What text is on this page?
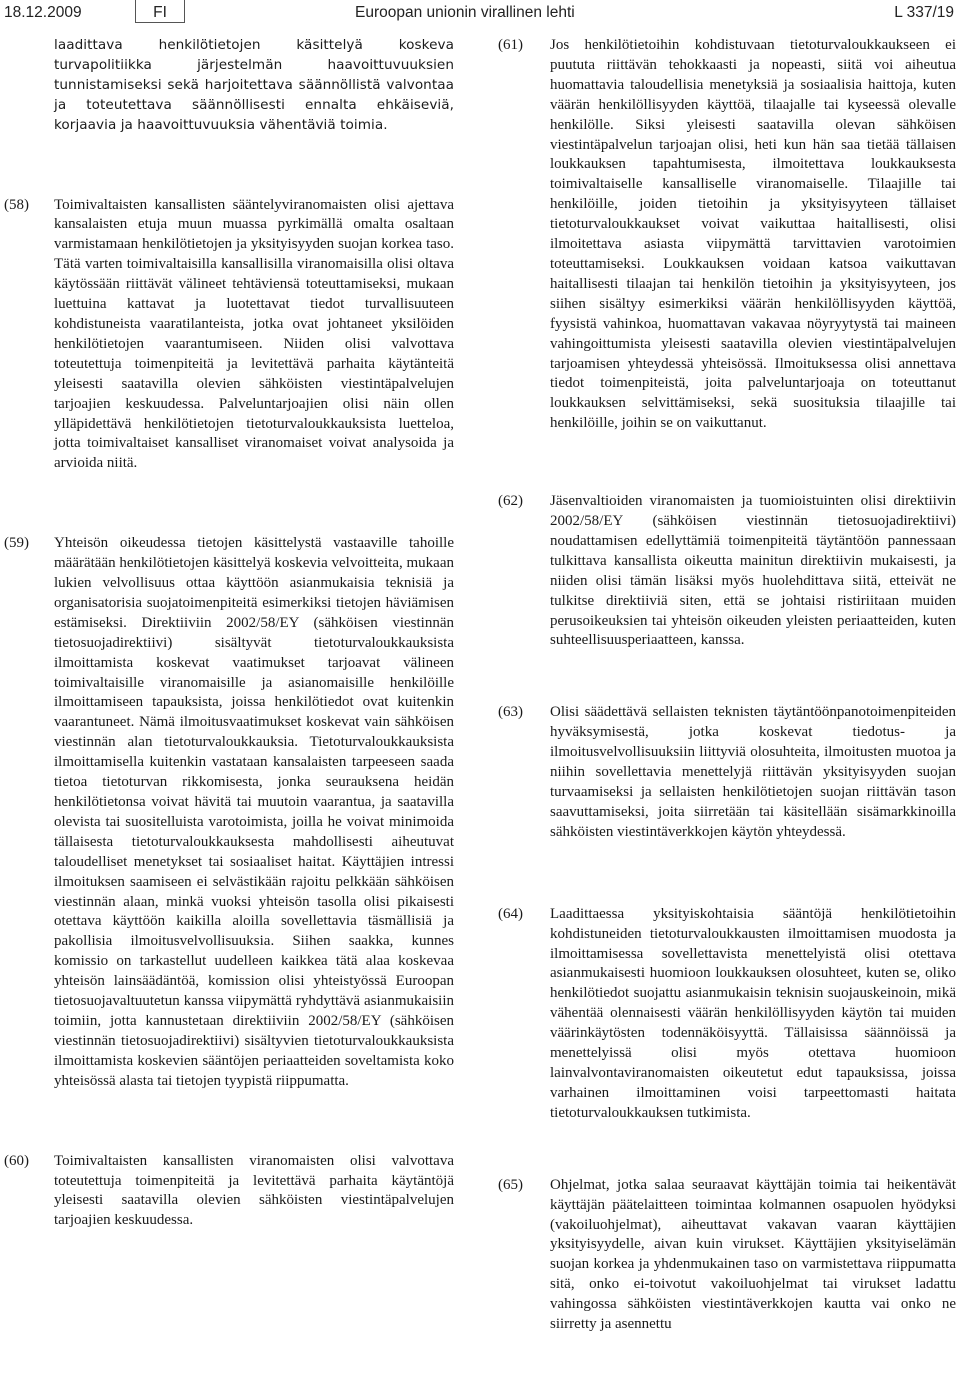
18.12.2009	FI	Euroopan unionin virallinen lehti	L 337/19
laadittava henkilötietojen käsittelyä koskeva turvapolitiikka järjestelmän haavoittuvuuksien tunnistamiseksi sekä harjoitettava säännöllistä valvontaa ja toteutettava säännöllisesti ennalta ehkäiseviä, korjaavia ja haavoittuvuuksia vähentäviä toimia.
(58)	Toimivaltaisten kansallisten sääntelyviranomaisten olisi ajettava kansalaisten etuja muun muassa pyrkimällä omalta osaltaan varmistamaan henkilötietojen ja yksityisyyden suojan korkea taso. Tätä varten toimivaltaisilla kansallisilla viranomaisilla olisi oltava käytössään riittävät välineet tehtäviensä toteuttamiseksi, mukaan luettuina kattavat ja luotettavat tiedot turvallisuuteen kohdistuneista vaaratilanteista, jotka ovat johtaneet yksilöiden henkilötietojen vaarantumiseen. Niiden olisi valvottava toteutettuja toimenpiteitä ja levitettävä parhaita käytänteitä yleisesti saatavilla olevien sähköisten viestintäpalvelujen tarjoajien keskuudessa. Palveluntarjoajien olisi näin ollen ylläpidettävä henkilötietojen tietoturvaloukkauksista luetteloa, jotta toimivaltaiset kansalliset viranomaiset voivat analysoida ja arvioida niitä.
(59)	Yhteisön oikeudessa tietojen käsittelystä vastaaville tahoille määrätään henkilötietojen käsittelyä koskevia velvoitteita, mukaan lukien velvollisuus ottaa käyttöön asianmukaisia teknisiä ja organisatorisia suojatoimenpiteitä esimerkiksi tietojen häviämisen estämiseksi. Direktiiviin 2002/58/EY (sähköisen viestinnän tietosuojadirektiivi) sisältyvät tietoturvaloukkauksista ilmoittamista koskevat vaatimukset tarjoavat välineen toimivaltaisille viranomaisille ja asianomaisille henkilöille ilmoittamiseen tapauksista, joissa henkilötiedot ovat kuitenkin vaarantuneet. Nämä ilmoitusvaatimukset koskevat vain sähköisen viestinnän alan tietoturvaloukkauksia. Tietoturvaloukkauksista ilmoittamisella kuitenkin vastataan kansalaisten tarpeeseen saada tietoa tietoturvan rikkomisesta, jonka seurauksena heidän henkilötietonsa voivat hävitä tai muutoin vaarantua, ja saatavilla olevista tai suositelluista varotoimista, joilla he voivat minimoida tällaisesta tietoturvaloukkauksesta mahdollisesti aiheutuvat taloudelliset menetykset tai sosiaaliset haitat. Käyttäjien intressi ilmoituksen saamiseen ei selvästikään rajoitu pelkkään sähköisen viestinnän alaan, minkä vuoksi yhteisön tasolla olisi pikaisesti otettava käyttöön kaikilla aloilla sovellettavia täsmällisiä ja pakollisia ilmoitusvelvollisuuksia. Siihen saakka, kunnes komissio on tarkastellut uudelleen kaikkea tätä alaa koskevaa yhteisön lainsäädäntöä, komission olisi yhteistyössä Euroopan tietosuojavaltuutetun kanssa viipymättä ryhdyttävä asianmukaisiin toimiin, jotta kannustetaan direktiiviin 2002/58/EY (sähköisen viestinnän tietosuojadirektiivi) sisältyvien tietoturvaloukkauksista ilmoittamista koskevien sääntöjen periaatteiden soveltamista koko yhteisössä alasta tai tietojen tyypistä riippumatta.
(60)	Toimivaltaisten kansallisten viranomaisten olisi valvottava toteutettuja toimenpiteitä ja levitettävä parhaita käytäntöjä yleisesti saatavilla olevien sähköisten viestintäpalvelujen tarjoajien keskuudessa.
(61)	Jos henkilötietoihin kohdistuvaan tietoturvaloukkaukseen ei puututa riittävän tehokkaasti ja nopeasti, siitä voi aiheutua huomattavia taloudellisia menetyksiä ja sosiaalisia haittoja, kuten väärän henkilöllisyyden käyttöä, tilaajalle tai kyseessä olevalle henkilölle. Siksi yleisesti saatavilla olevan sähköisen viestintäpalvelun tarjoajan olisi, heti kun hän saa tietää tällaisen loukkauksen tapahtumisesta, ilmoitettava loukkauksesta toimivaltaiselle kansalliselle viranomaiselle. Tilaajille tai henkilöille, joiden tietoihin ja yksityisyyteen tällaiset tietoturvaloukkaukset voivat vaikuttaa haitallisesti, olisi ilmoitettava asiasta viipymättä tarvittavien varotoimien toteuttamiseksi. Loukkauksen voidaan katsoa vaikuttavan haitallisesti tilaajan tai henkilön tietoihin ja yksityisyyteen, jos siihen sisältyy esimerkiksi väärän henkilöllisyyden käyttöä, fyysistä vahinkoa, huomattavan vakavaa nöyryytystä tai maineen vahingoittumista yleisesti saatavilla olevien viestintäpalvelujen tarjoamisen yhteydessä yhteisössä. Ilmoituksessa olisi annettava tiedot toimenpiteistä, joita palveluntarjoaja on toteuttanut loukkauksen selvittämiseksi, sekä suosituksia tilaajille tai henkilöille, joihin se on vaikuttanut.
(62)	Jäsenvaltioiden viranomaisten ja tuomioistuinten olisi direktiivin 2002/58/EY (sähköisen viestinnän tietosuojadirektiivi) noudattamisen edellyttämiä toimenpiteitä täytäntöön pannessaan tulkittava kansallista oikeutta mainitun direktiivin mukaisesti, ja niiden olisi tämän lisäksi myös huolehdittava siitä, etteivät ne tulkitse direktiiviä siten, että se johtaisi ristiriitaan muiden perusoikeuksien tai yhteisön oikeuden yleisten periaatteiden, kuten suhteellisuusperiaatteen, kanssa.
(63)	Olisi säädettävä sellaisten teknisten täytäntöönpanotoimenpiteiden hyväksymisestä, jotka koskevat tiedotus- ja ilmoitusvelvollisuuksiin liittyviä olosuhteita, ilmoitusten muotoa ja niihin sovellettavia menettelyjä riittävän yksityisyyden suojan turvaamiseksi ja sellaisten henkilötietojen suojan riittävän tason saavuttamiseksi, joita siirretään tai käsitellään sisämarkkinoilla sähköisten viestintäverkkojen käytön yhteydessä.
(64)	Laadittaessa yksityiskohtaisia sääntöjä henkilötietoihin kohdistuneiden tietoturvaloukkausten ilmoittamisen muodosta ja ilmoittamisessa sovellettavista menettelyistä olisi otettava asianmukaisesti huomioon loukkauksen olosuhteet, kuten se, oliko henkilötiedot suojattu asianmukaisin teknisin suojauskeinoin, mikä vähentää olennaisesti väärän henkilöllisyyden käytön tai muiden väärinkäytösten todennäköisyyttä. Tällaisissa säännöissä ja menettelyissä olisi myös otettava huomioon lainvalvontaviranomaisten oikeutetut edut tapauksissa, joissa varhainen ilmoittaminen voisi tarpeettomasti haitata tietoturvaloukkauksen tutkimista.
(65)	Ohjelmat, jotka salaa seuraavat käyttäjän toimia tai heikentävät käyttäjän päätelaitteen toimintaa kolmannen osapuolen hyödyksi (vakoiluohjelmat), aiheuttavat vakavan vaaran käyttäjien yksityisyydelle, aivan kuin virukset. Käyttäjien yksityiselämän suojan korkea ja yhdenmukainen taso on varmistettava riippumatta sitä, onko ei-toivotut vakoiluohjelmat tai virukset ladattu vahingossa sähköisten viestintäverkkojen kautta vai onko ne siirretty ja asennettu
